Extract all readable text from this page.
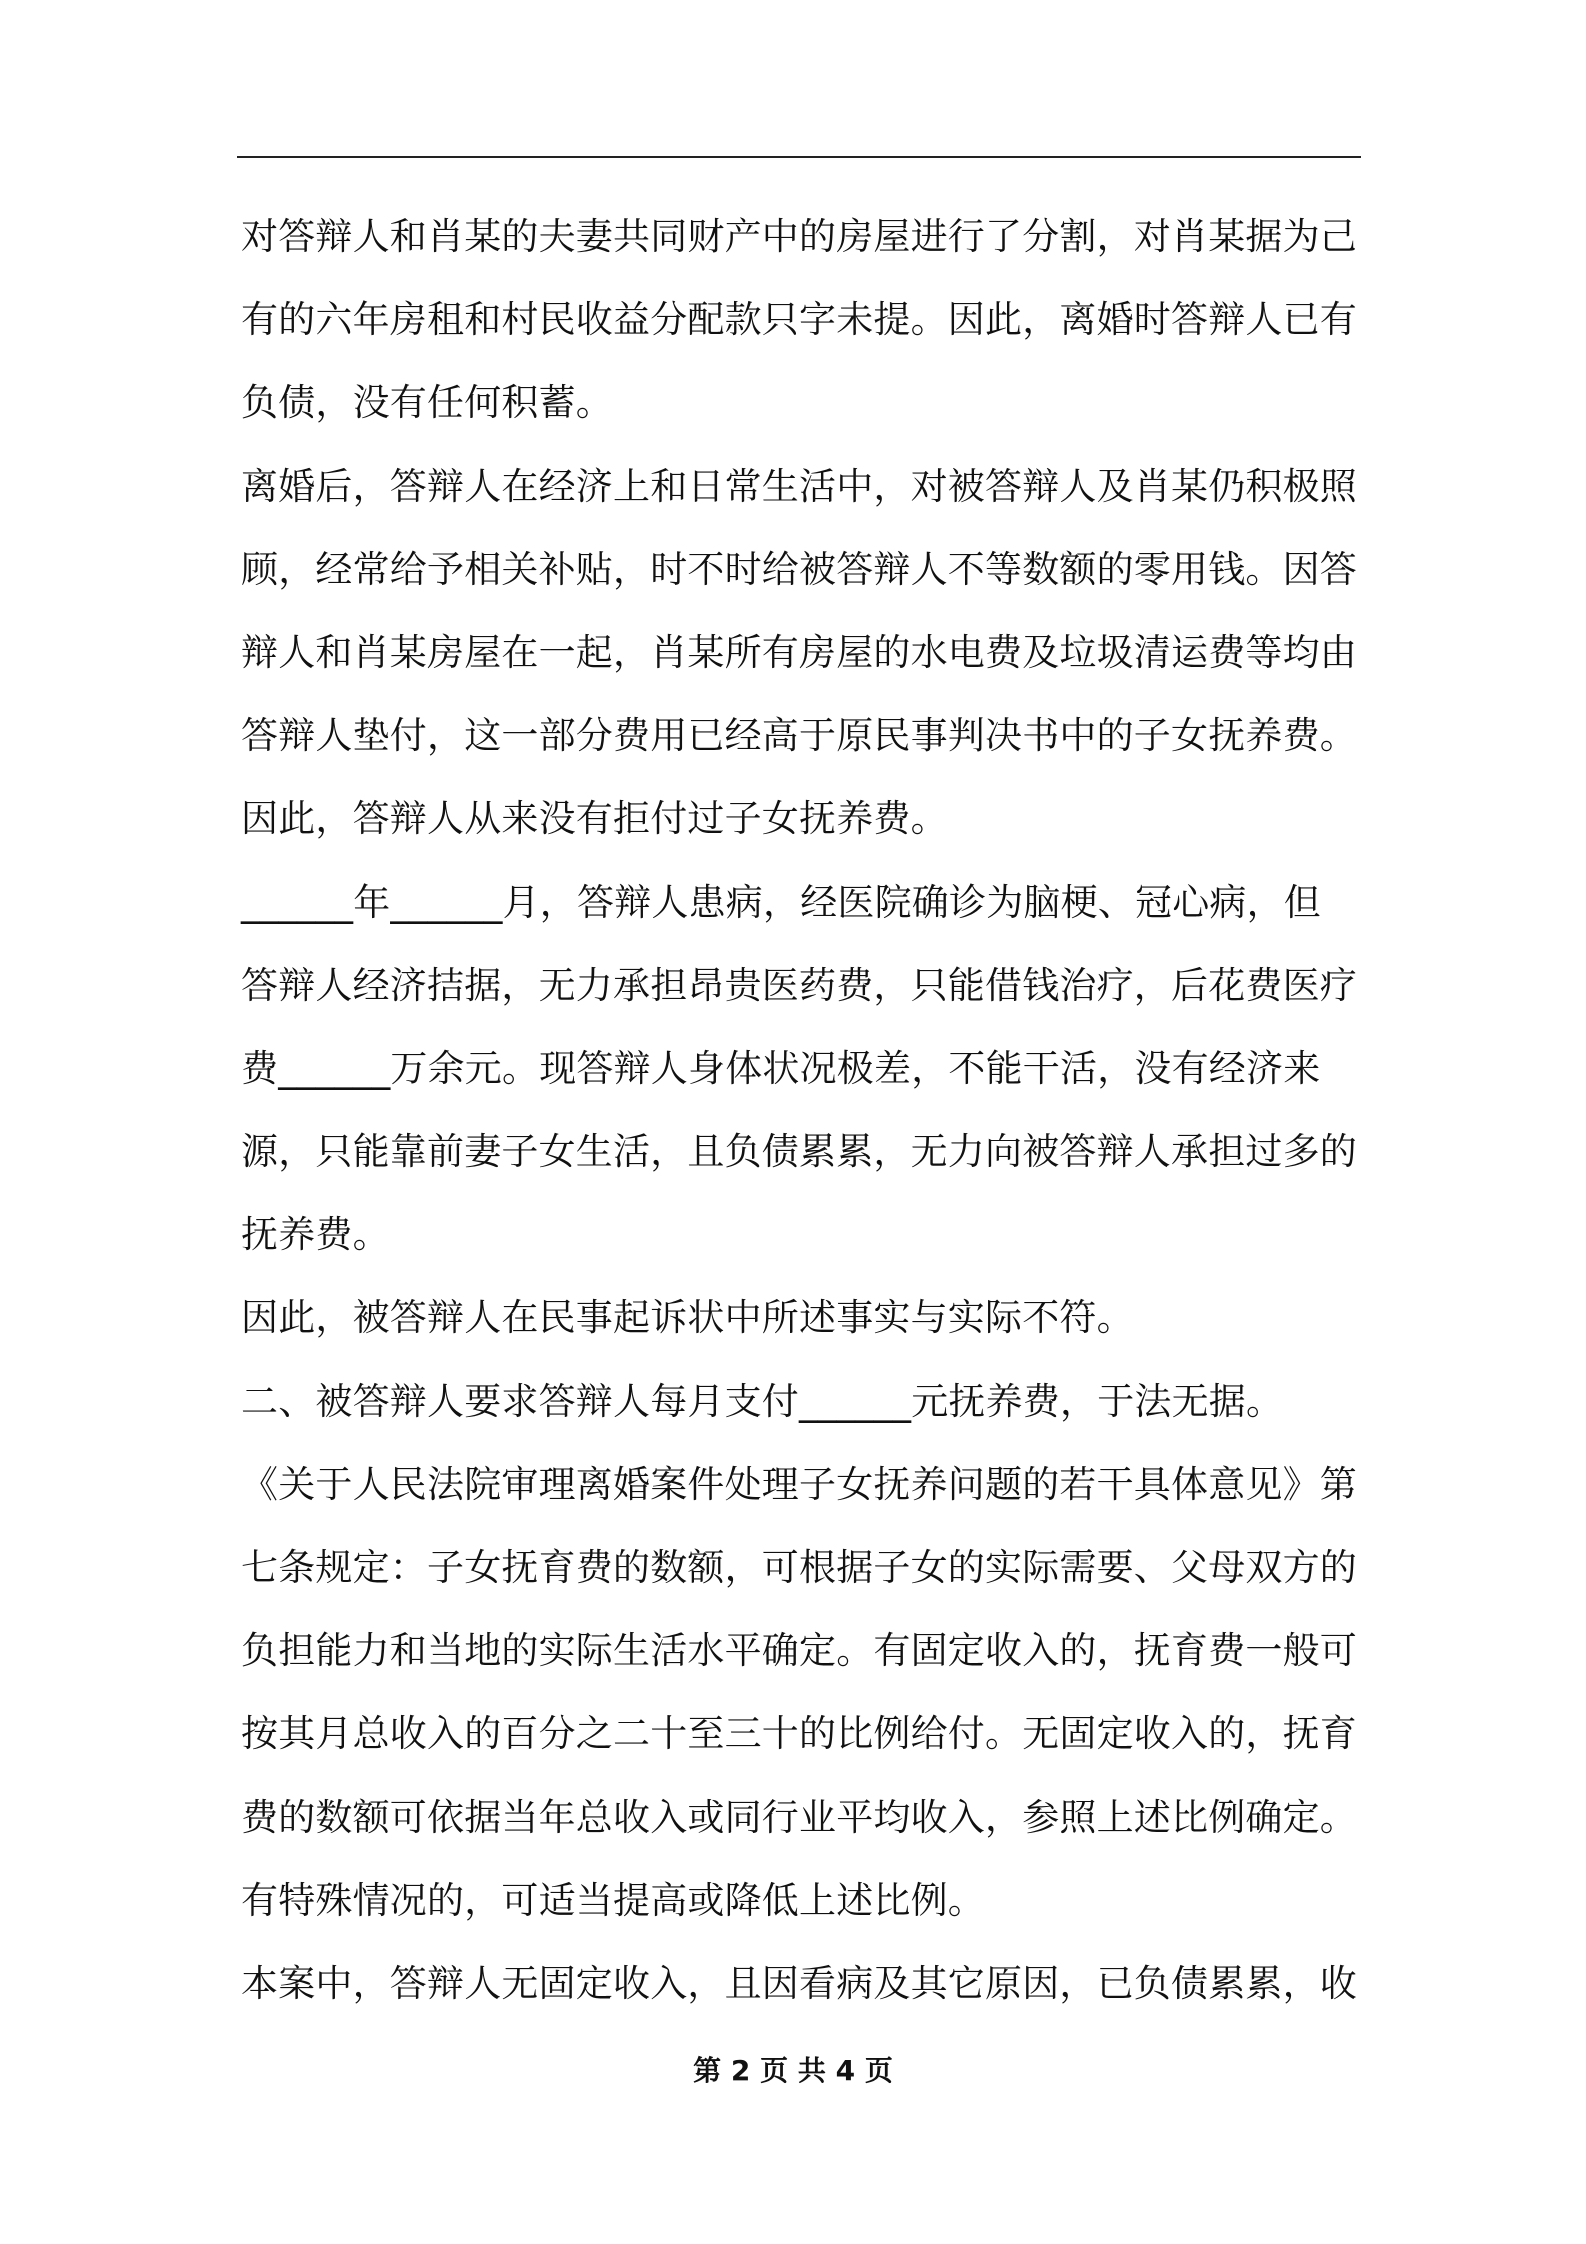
对答辩人和肖某的夫妻共同财产中的房屋进行了分割，对肖某据为己
有的六年房租和村民收益分配款只字未提。因此，离婚时答辩人已有
负债，没有任何积蓄。
离婚后，答辩人在经济上和日常生活中，对被答辩人及肖某仍积极照
顾，经常给予相关补贴，时不时给被答辩人不等数额的零用钱。因答
辩人和肖某房屋在一起，肖某所有房屋的水电费及垃圾清运费等均由
答辩人垫付，这一部分费用已经高于原民事判决书中的子女抚养费。
因此，答辩人从来没有拒付过子女抚养费。
______年______月，答辩人患病，经医院确诊为脑梗、冠心病，但
答辩人经济拮据，无力承担昂贵医药费，只能借钱治疗，后花费医疗
费______万余元。现答辩人身体状况极差，不能干活，没有经济来
源，只能靠前妻子女生活，且负债累累，无力向被答辩人承担过多的
抚养费。
因此，被答辩人在民事起诉状中所述事实与实际不符。
二、被答辩人要求答辩人每月支付______元抚养费，于法无据。
《关于人民法院审理离婚案件处理子女抚养问题的若干具体意见》第
七条规定：子女抚育费的数额，可根据子女的实际需要、父母双方的
负担能力和当地的实际生活水平确定。有固定收入的，抚育费一般可
按其月总收入的百分之二十至三十的比例给付。无固定收入的，抚育
费的数额可依据当年总收入或同行业平均收入，参照上述比例确定。
有特殊情况的，可适当提高或降低上述比例。
本案中，答辩人无固定收入，且因看病及其它原因，已负债累累，收
第 2 页 共 4 页
